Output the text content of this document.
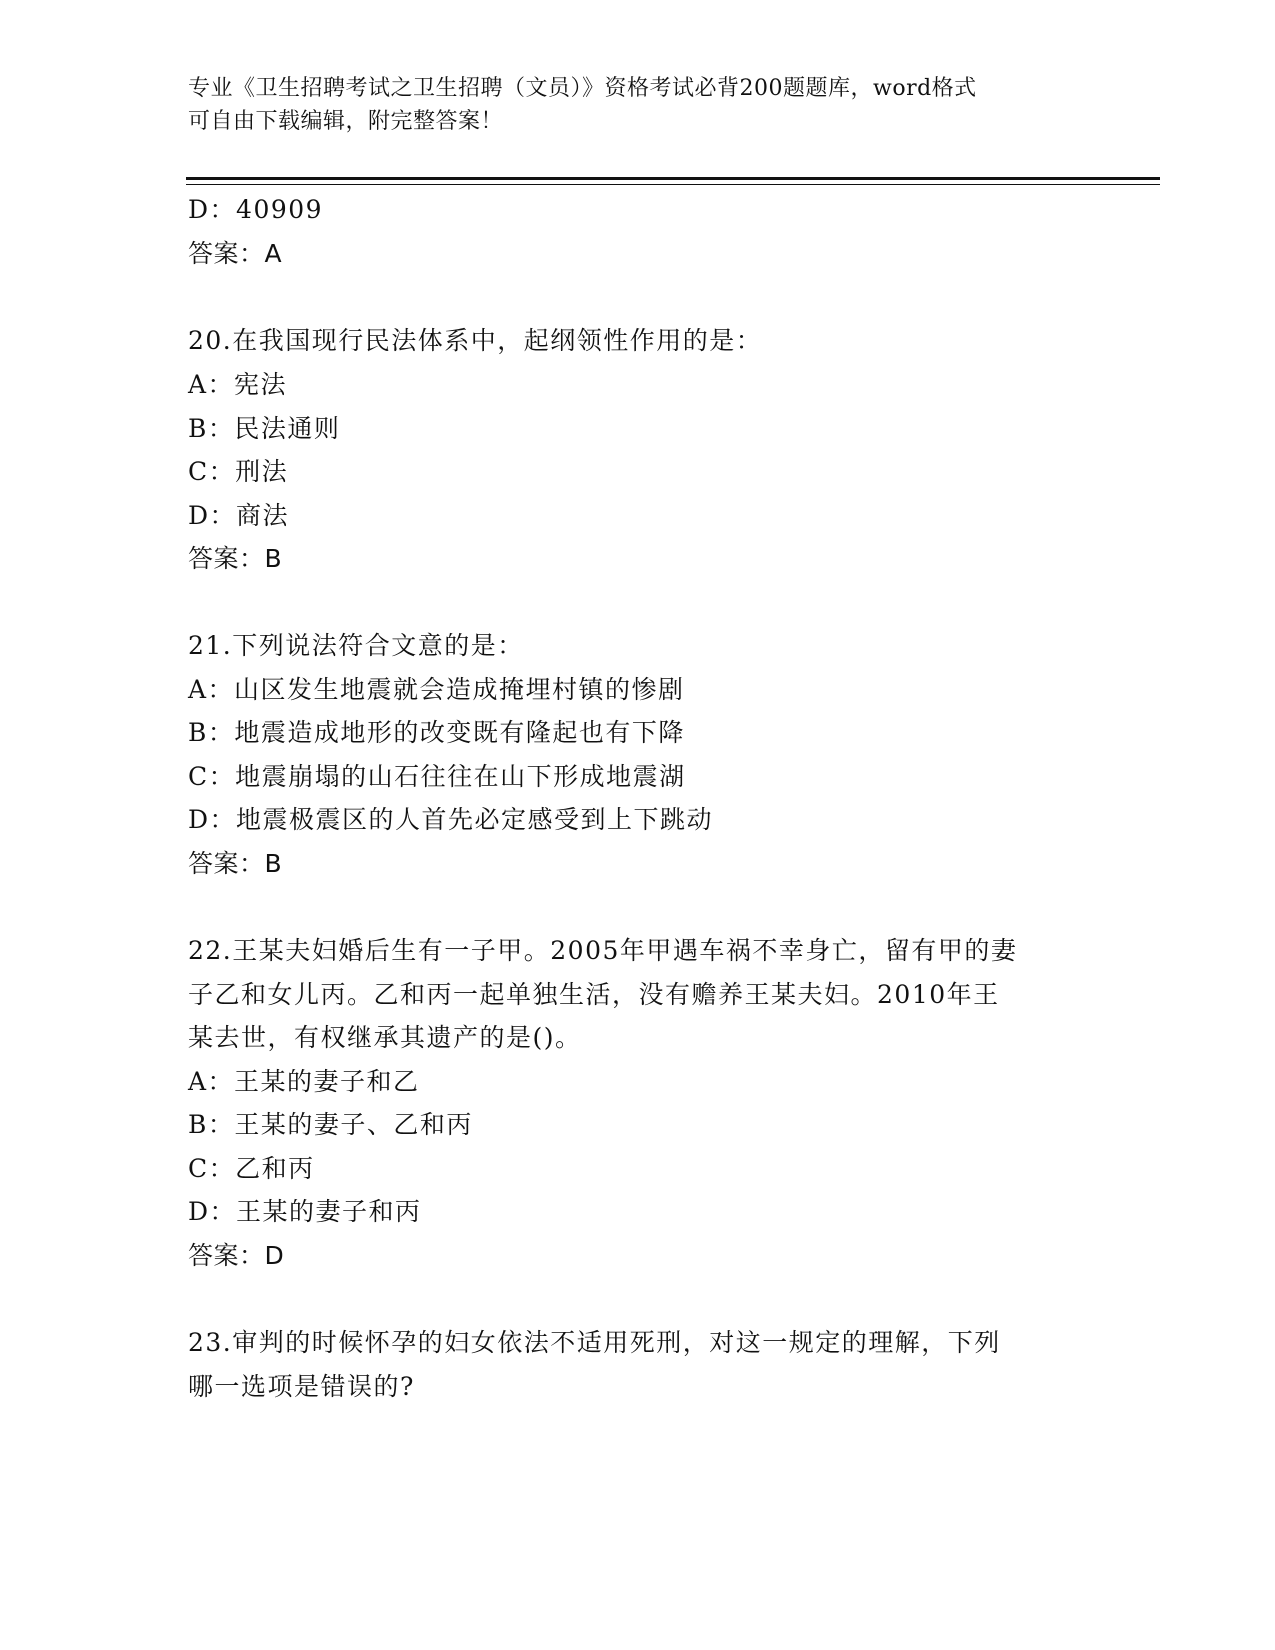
专业《卫生招聘考试之卫生招聘（文员）》资格考试必背200题题库，word格式
可自由下载编辑，附完整答案！
D：40909
答案：A
20.在我国现行民法体系中，起纲领性作用的是：
A：宪法
B：民法通则
C：刑法
D：商法
答案：B
21.下列说法符合文意的是：
A：山区发生地震就会造成掩埋村镇的惨剧
B：地震造成地形的改变既有隆起也有下降
C：地震崩塌的山石往往在山下形成地震湖
D：地震极震区的人首先必定感受到上下跳动
答案：B
22.王某夫妇婚后生有一子甲。2005年甲遇车祸不幸身亡，留有甲的妻
子乙和女儿丙。乙和丙一起单独生活，没有赡养王某夫妇。2010年王
某去世，有权继承其遗产的是()。
A：王某的妻子和乙
B：王某的妻子、乙和丙
C：乙和丙
D：王某的妻子和丙
答案：D
23.审判的时候怀孕的妇女依法不适用死刑，对这一规定的理解，下列
哪一选项是错误的?
